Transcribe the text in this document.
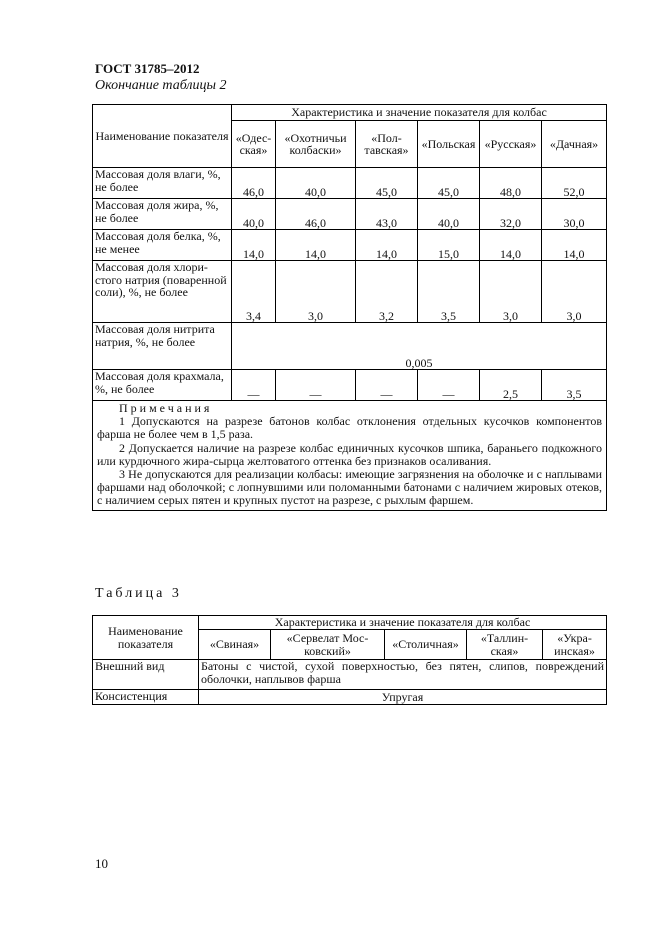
ГОСТ 31785–2012
Окончание таблицы 2
Наименование показателя	Характеристика и значение показателя для колбас					
	«Одесская»	«Охотничьи колбаски»	«Полтавская»	«Польская	«Русская»	«Дачная»
Массовая доля влаги, %, не более	46,0	40,0	45,0	45,0	48,0	52,0
Массовая доля жира, %, не более	40,0	46,0	43,0	40,0	32,0	30,0
Массовая доля белка, %, не менее	14,0	14,0	14,0	15,0	14,0	14,0
Массовая доля хлористого натрия (поваренной соли), %, не более	3,4	3,0	3,2	3,5	3,0	3,0
Массовая доля нитрита натрия, %, не более	0,005					
Массовая доля крахмала, %, не более	—	—	—	—	2,5	3,5

Примечания

1 Допускаются на разрезе батонов колбас отклонения отдельных кусочков компонентов фарша не более чем в 1,5 раза.

2 Допускается наличие на разрезе колбас единичных кусочков шпика, бараньего подкожного или курдючного жира-сырца желтоватого оттенка без признаков осаливания.

3 Не допускаются для реализации колбасы: имеющие загрязнения на оболочке и с наплывами фаршами над оболочкой; с лопнувшими или поломанными батонами с наличием жировых отеков, с наличием серых пятен и крупных пустот на разрезе, с рыхлым фаршем.						

Таблица 3
Наименование показателя	Характеристика и значение показателя для колбас				
	«Свиная»	«Сервелат Московский»	«Столичная»	«Таллинская»	«Украинская»
Внешний вид	Батоны с чистой, сухой поверхностью, без пятен, слипов, повреждений оболочки, наплывов фарша				
Консистенция	Упругая				
10
